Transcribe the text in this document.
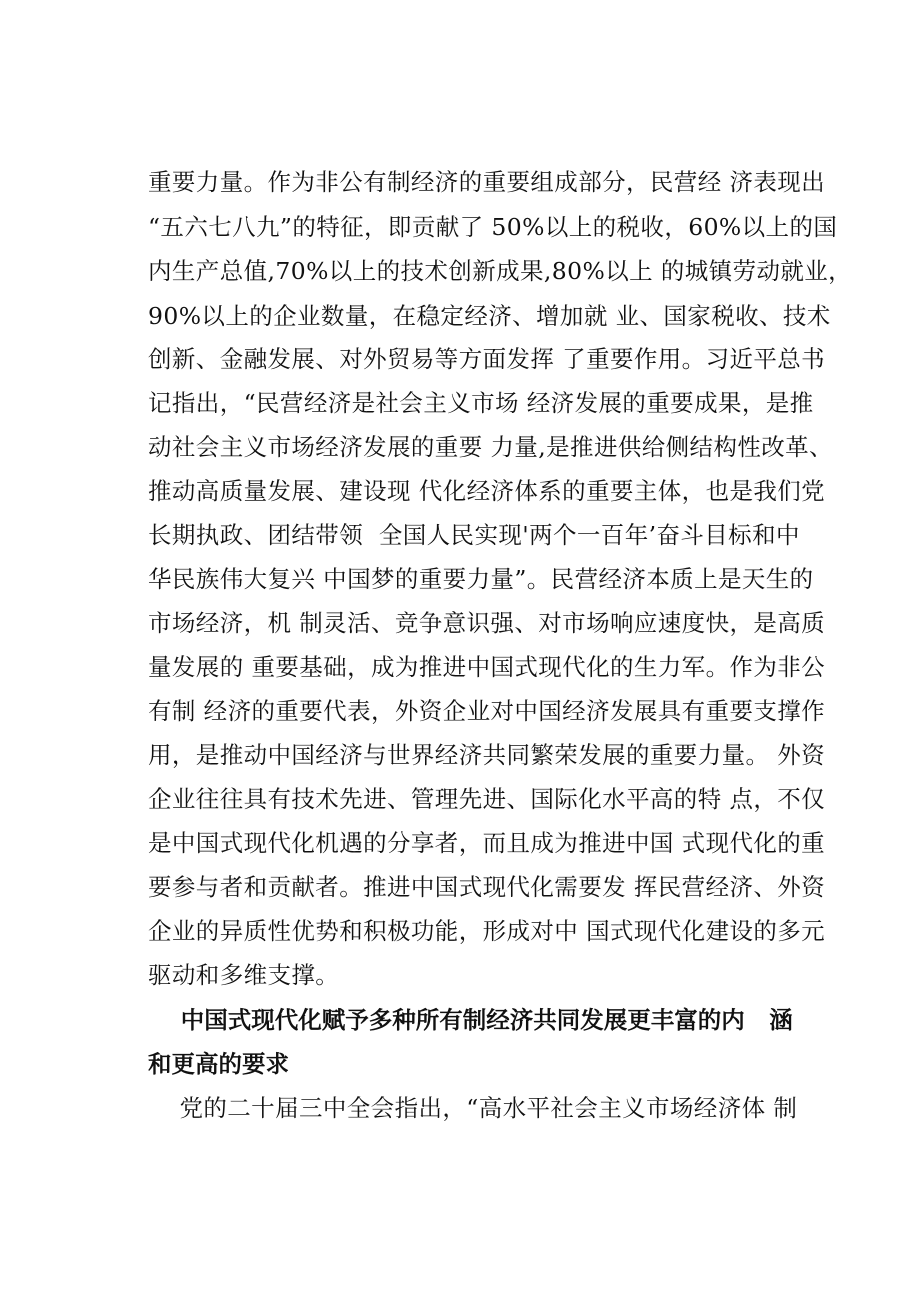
重要力量。作为非公有制经济的重要组成部分，民营经 济表现出
“五六七八九”的特征，即贡献了 50%以上的税收，60%以上的国
内生产总值,70%以上的技术创新成果,80%以上 的城镇劳动就业，
90%以上的企业数量，在稳定经济、增加就 业、国家税收、技术
创新、金融发展、对外贸易等方面发挥 了重要作用。习近平总书
记指出，“民营经济是社会主义市场 经济发展的重要成果，是推
动社会主义市场经济发展的重要 力量,是推进供给侧结构性改革、
推动高质量发展、建设现 代化经济体系的重要主体，也是我们党
长期执政、团结带领  全国人民实现'两个一百年’奋斗目标和中
华民族伟大复兴 中国梦的重要力量”。民营经济本质上是天生的
市场经济，机 制灵活、竞争意识强、对市场响应速度快，是高质
量发展的 重要基础，成为推进中国式现代化的生力军。作为非公
有制 经济的重要代表，外资企业对中国经济发展具有重要支撑作
用，是推动中国经济与世界经济共同繁荣发展的重要力量。 外资
企业往往具有技术先进、管理先进、国际化水平高的特 点，不仅
是中国式现代化机遇的分享者，而且成为推进中国 式现代化的重
要参与者和贡献者。推进中国式现代化需要发 挥民营经济、外资
企业的异质性优势和积极功能，形成对中 国式现代化建设的多元
驱动和多维支撑。
中国式现代化赋予多种所有制经济共同发展更丰富的内   涵
和更高的要求
党的二十届三中全会指出，“高水平社会主义市场经济体 制
